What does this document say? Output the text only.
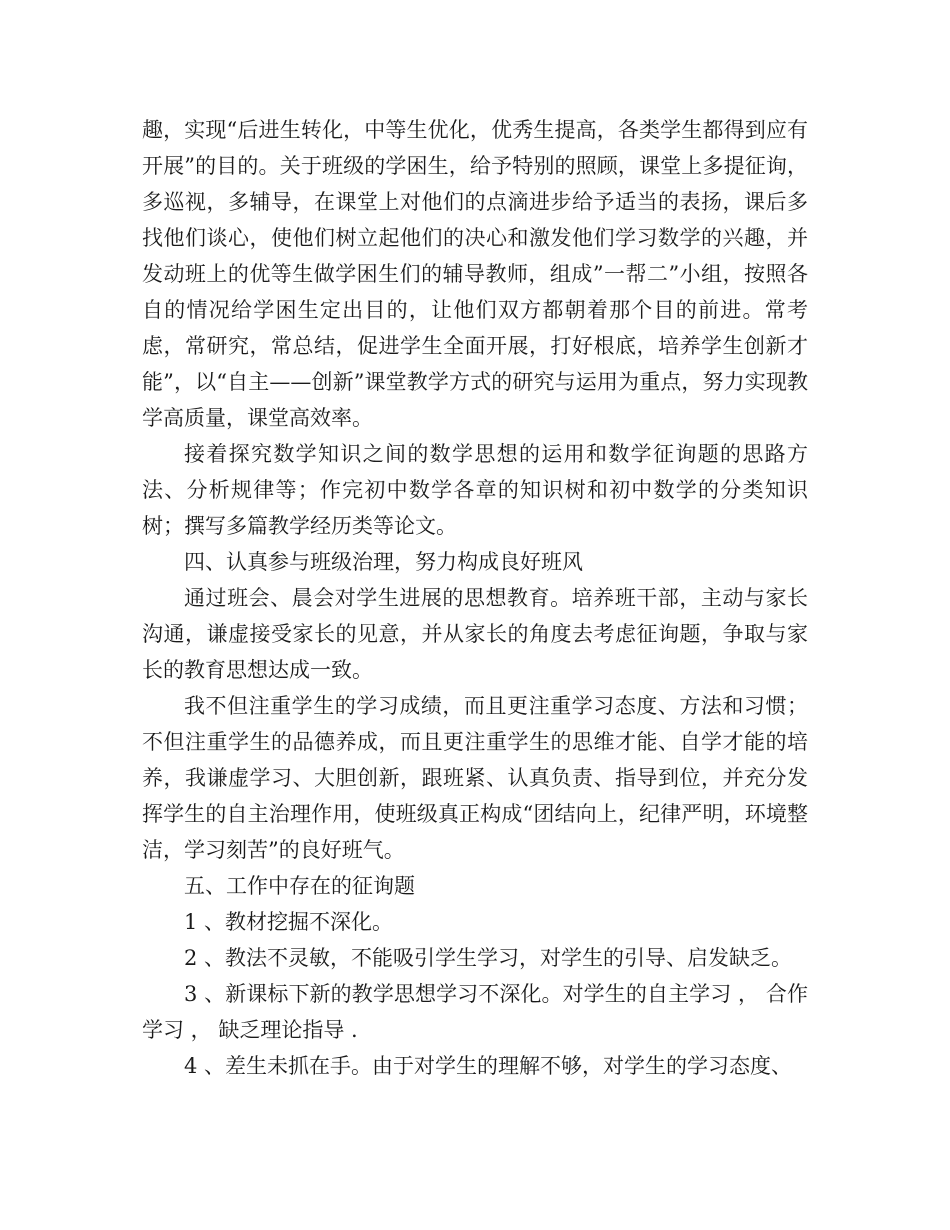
趣，实现“后进生转化，中等生优化，优秀生提高，各类学生都得到应有开展”的目的。关于班级的学困生，给予特别的照顾，课堂上多提征询，多巡视，多辅导，在课堂上对他们的点滴进步给予适当的表扬，课后多找他们谈心，使他们树立起他们的决心和激发他们学习数学的兴趣，并发动班上的优等生做学困生们的辅导教师，组成”一帮二”小组，按照各自的情况给学困生定出目的，让他们双方都朝着那个目的前进。常考虑，常研究，常总结，促进学生全面开展，打好根底，培养学生创新才能”，以“自主——创新”课堂教学方式的研究与运用为重点，努力实现教学高质量，课堂高效率。

接着探究数学知识之间的数学思想的运用和数学征询题的思路方法、分析规律等；作完初中数学各章的知识树和初中数学的分类知识树；撰写多篇教学经历类等论文。

四、认真参与班级治理，努力构成良好班风

通过班会、晨会对学生进展的思想教育。培养班干部，主动与家长沟通，谦虚接受家长的见意，并从家长的角度去考虑征询题，争取与家长的教育思想达成一致。

我不但注重学生的学习成绩，而且更注重学习态度、方法和习惯；不但注重学生的品德养成，而且更注重学生的思维才能、自学才能的培养，我谦虚学习、大胆创新，跟班紧、认真负责、指导到位，并充分发挥学生的自主治理作用，使班级真正构成“团结向上，纪律严明，环境整洁，学习刻苦”的良好班气。

五、工作中存在的征询题

1 、教材挖掘不深化。

2 、教法不灵敏，不能吸引学生学习，对学生的引导、启发缺乏。

3 、新课标下新的教学思想学习不深化。对学生的自主学习 ， 合作学习 ， 缺乏理论指导 .

4 、差生未抓在手。由于对学生的理解不够，对学生的学习态度、
